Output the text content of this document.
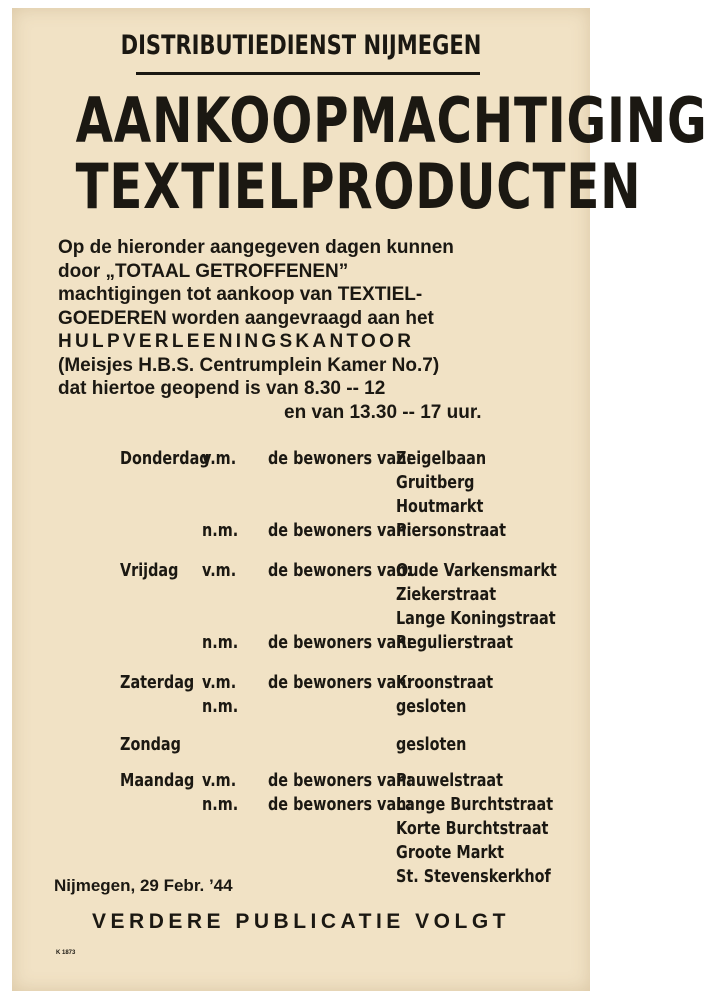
DISTRIBUTIEDIENST NIJMEGEN
AANKOOPMACHTIGING
TEXTIELPRODUCTEN
Op de hieronder aangegeven dagen kunnen
door „TOTAAL GETROFFENEN”
machtigingen tot aankoop van TEXTIEL-
GOEDEREN worden aangevraagd aan het
HULPVERLEENINGSKANTOOR
(Meisjes H.B.S. Centrumplein Kamer No.7)
dat hiertoe geopend is van 8.30 -- 12
en van 13.30 -- 17 uur.
Donderdag
v.m. de bewoners van:
Zeigelbaan
Gruitberg
Houtmarkt
n.m. de bewoners van:
Piersonstraat
Vrijdag v.m. de bewoners van:
Oude Varkensmarkt
Ziekerstraat
Lange Koningstraat
n.m. de bewoners van:
Regulierstraat
Zaterdag v.m. de bewoners van:
Kroonstraat
n.m.	gesloten
Zondag	gesloten
Maandag v.m. de bewoners van:
Pauwelstraat
n.m. de bewoners van:
Lange Burchtstraat
Korte Burchtstraat
Groote Markt
St. Stevenskerkhof
Nijmegen, 29 Febr. ’44
VERDERE PUBLICATIE VOLGT
K 1873
